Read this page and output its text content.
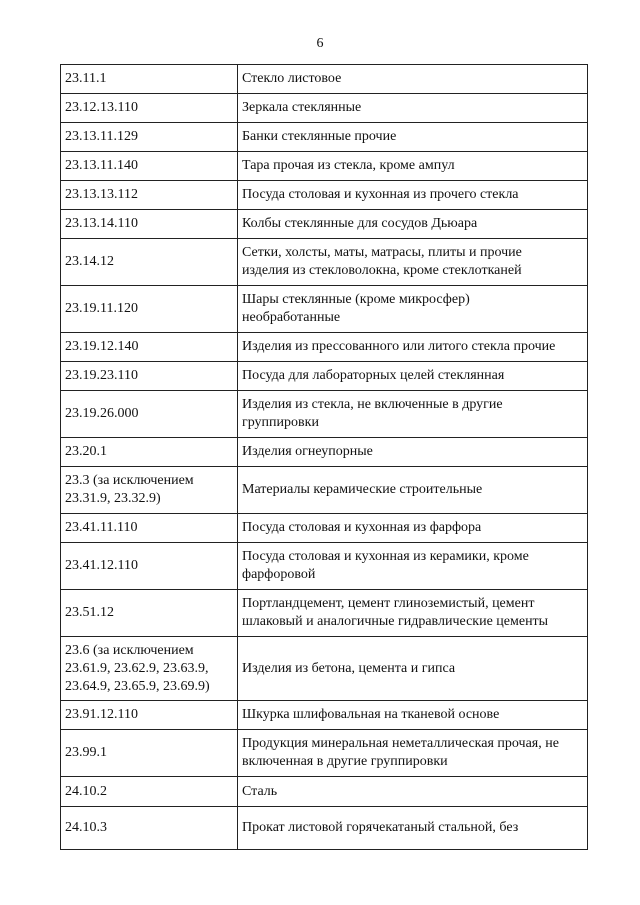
6
23.11.1	Стекло листовое
23.12.13.110	Зеркала стеклянные
23.13.11.129	Банки стеклянные прочие
23.13.11.140	Тара прочая из стекла, кроме ампул
23.13.13.112	Посуда столовая и кухонная из прочего стекла
23.13.14.110	Колбы стеклянные для сосудов Дьюара
23.14.12	Сетки, холсты, маты, матрасы, плиты и прочие
изделия из стекловолокна, кроме стеклотканей
23.19.11.120	Шары стеклянные (кроме микросфер)
необработанные
23.19.12.140	Изделия из прессованного или литого стекла прочие
23.19.23.110	Посуда для лабораторных целей стеклянная
23.19.26.000	Изделия из стекла, не включенные в другие
группировки
23.20.1	Изделия огнеупорные
23.3 (за исключением
23.31.9, 23.32.9)	Материалы керамические строительные
23.41.11.110	Посуда столовая и кухонная из фарфора
23.41.12.110	Посуда столовая и кухонная из керамики, кроме
фарфоровой
23.51.12	Портландцемент, цемент глиноземистый, цемент
шлаковый и аналогичные гидравлические цементы
23.6 (за исключением
23.61.9, 23.62.9, 23.63.9,
23.64.9, 23.65.9, 23.69.9)	Изделия из бетона, цемента и гипса
23.91.12.110	Шкурка шлифовальная на тканевой основе
23.99.1	Продукция минеральная неметаллическая прочая, не
включенная в другие группировки
24.10.2	Сталь
24.10.3	Прокат листовой горячекатаный стальной, без
